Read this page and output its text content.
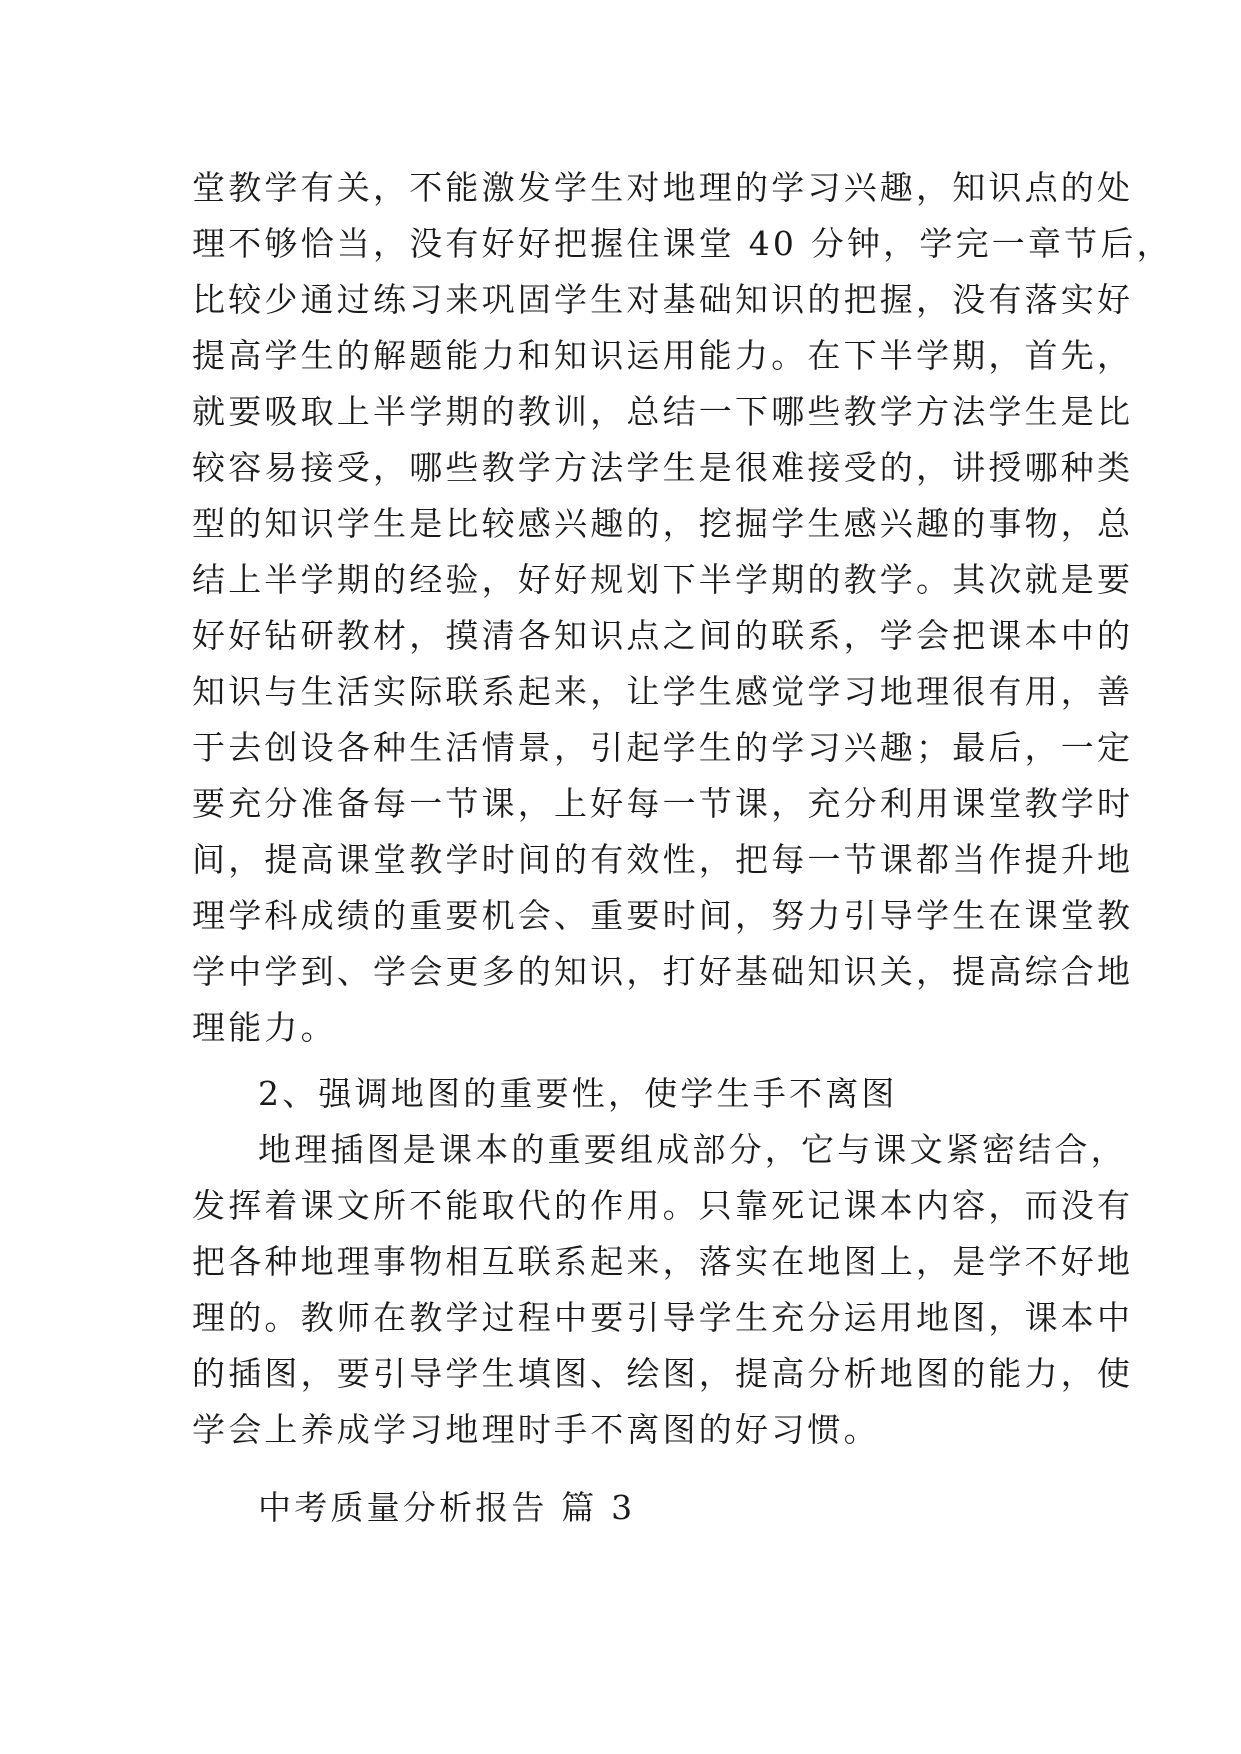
堂教学有关，不能激发学生对地理的学习兴趣，知识点的处
理不够恰当，没有好好把握住课堂 40 分钟，学完一章节后，
比较少通过练习来巩固学生对基础知识的把握，没有落实好
提高学生的解题能力和知识运用能力。在下半学期，首先，
就要吸取上半学期的教训，总结一下哪些教学方法学生是比
较容易接受，哪些教学方法学生是很难接受的，讲授哪种类
型的知识学生是比较感兴趣的，挖掘学生感兴趣的事物，总
结上半学期的经验，好好规划下半学期的教学。其次就是要
好好钻研教材，摸清各知识点之间的联系，学会把课本中的
知识与生活实际联系起来，让学生感觉学习地理很有用，善
于去创设各种生活情景，引起学生的学习兴趣；最后，一定
要充分准备每一节课，上好每一节课，充分利用课堂教学时
间，提高课堂教学时间的有效性，把每一节课都当作提升地
理学科成绩的重要机会、重要时间，努力引导学生在课堂教
学中学到、学会更多的知识，打好基础知识关，提高综合地
理能力。
2、强调地图的重要性，使学生手不离图
地理插图是课本的重要组成部分，它与课文紧密结合，
发挥着课文所不能取代的作用。只靠死记课本内容，而没有
把各种地理事物相互联系起来，落实在地图上，是学不好地
理的。教师在教学过程中要引导学生充分运用地图，课本中
的插图，要引导学生填图、绘图，提高分析地图的能力，使
学会上养成学习地理时手不离图的好习惯。
中考质量分析报告 篇 3
